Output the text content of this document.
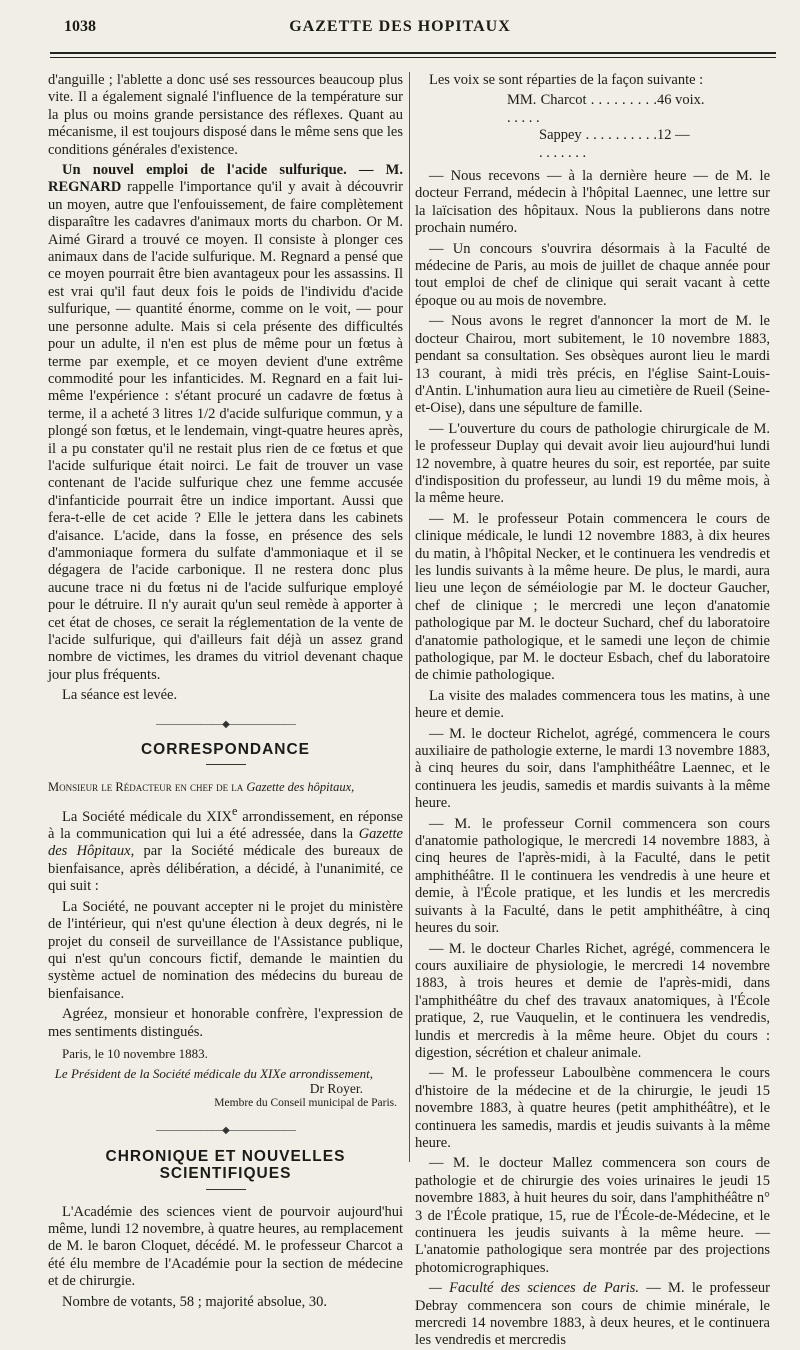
1038	GAZETTE DES HOPITAUX

d'anguille ; l'ablette a donc usé ses ressources beaucoup plus vite. Il a également signalé l'influence de la température sur la plus ou moins grande persistance des réflexes. Quant au mécanisme, il est toujours disposé dans le même sens que les conditions générales d'existence.

Un nouvel emploi de l'acide sulfurique. — M. REGNARD rappelle l'importance qu'il y avait à découvrir un moyen, autre que l'enfouissement, de faire complètement disparaître les cadavres d'animaux morts du charbon. Or M. Aimé Girard a trouvé ce moyen. Il consiste à plonger ces animaux dans de l'acide sulfurique. M. Regnard a pensé que ce moyen pourrait être bien avantageux pour les assassins. Il est vrai qu'il faut deux fois le poids de l'individu d'acide sulfurique, — quantité énorme, comme on le voit, — pour une personne adulte. Mais si cela présente des difficultés pour un adulte, il n'en est plus de même pour un fœtus à terme par exemple, et ce moyen devient d'une extrême commodité pour les infanticides. M. Regnard en a fait lui-même l'expérience : s'étant procuré un cadavre de fœtus à terme, il a acheté 3 litres 1/2 d'acide sulfurique commun, y a plongé son fœtus, et le lendemain, vingt-quatre heures après, il a pu constater qu'il ne restait plus rien de ce fœtus et que l'acide sulfurique était noirci. Le fait de trouver un vase contenant de l'acide sulfurique chez une femme accusée d'infanticide pourrait être un indice important. Aussi que fera-t-elle de cet acide ? Elle le jettera dans les cabinets d'aisance. L'acide, dans la fosse, en présence des sels d'ammoniaque formera du sulfate d'ammoniaque et il se dégagera de l'acide carbonique. Il ne restera donc plus aucune trace ni du fœtus ni de l'acide sulfurique employé pour le détruire. Il n'y aurait qu'un seul remède à apporter à cet état de choses, ce serait la réglementation de la vente de l'acide sulfurique, qui d'ailleurs fait déjà un assez grand nombre de victimes, les drames du vitriol devenant chaque jour plus fréquents.

La séance est levée.

——————◆——————
CORRESPONDANCE

Monsieur le Rédacteur en chef de la Gazette des hôpitaux,

La Société médicale du XIXe arrondissement, en réponse à la communication qui lui a été adressée, dans la Gazette des Hôpitaux, par la Société médicale des bureaux de bienfaisance, après délibération, a décidé, à l'unanimité, ce qui suit :

La Société, ne pouvant accepter ni le projet du ministère de l'intérieur, qui n'est qu'une élection à deux degrés, ni le projet du conseil de surveillance de l'Assistance publique, qui n'est qu'un concours fictif, demande le maintien du système actuel de nomination des médecins du bureau de bienfaisance.

Agréez, monsieur et honorable confrère, l'expression de mes sentiments distingués.

Paris, le 10 novembre 1883.

Le Président de la Société médicale du XIXe arrondissement,
Dr Royer.
Membre du Conseil municipal de Paris.
——————◆——————
CHRONIQUE ET NOUVELLES SCIENTIFIQUES

L'Académie des sciences vient de pourvoir aujourd'hui même, lundi 12 novembre, à quatre heures, au remplacement de M. le baron Cloquet, décédé. M. le professeur Charcot a été élu membre de l'Académie pour la section de médecine et de chirurgie.

Nombre de votants, 58 ; majorité absolue, 30.

Les voix se sont réparties de la façon suivante :

MM. Charcot . . . . . . . . . . . . . .
46 voix.
Sappey . . . . . . . . . . . . . . . . .
12 —

— Nous recevons — à la dernière heure — de M. le docteur Ferrand, médecin à l'hôpital Laennec, une lettre sur la laïcisation des hôpitaux. Nous la publierons dans notre prochain numéro.

— Un concours s'ouvrira désormais à la Faculté de médecine de Paris, au mois de juillet de chaque année pour tout emploi de chef de clinique qui serait vacant à cette époque ou au mois de novembre.

— Nous avons le regret d'annoncer la mort de M. le docteur Chairou, mort subitement, le 10 novembre 1883, pendant sa consultation. Ses obsèques auront lieu le mardi 13 courant, à midi très précis, en l'église Saint-Louis-d'Antin. L'inhumation aura lieu au cimetière de Rueil (Seine-et-Oise), dans une sépulture de famille.

— L'ouverture du cours de pathologie chirurgicale de M. le professeur Duplay qui devait avoir lieu aujourd'hui lundi 12 novembre, à quatre heures du soir, est reportée, par suite d'indisposition du professeur, au lundi 19 du même mois, à la même heure.

— M. le professeur Potain commencera le cours de clinique médicale, le lundi 12 novembre 1883, à dix heures du matin, à l'hôpital Necker, et le continuera les vendredis et les lundis suivants à la même heure. De plus, le mardi, aura lieu une leçon de séméiologie par M. le docteur Gaucher, chef de clinique ; le mercredi une leçon d'anatomie pathologique par M. le docteur Suchard, chef du laboratoire d'anatomie pathologique, et le samedi une leçon de chimie pathologique, par M. le docteur Esbach, chef du laboratoire de chimie pathologique.

La visite des malades commencera tous les matins, à une heure et demie.

— M. le docteur Richelot, agrégé, commencera le cours auxiliaire de pathologie externe, le mardi 13 novembre 1883, à cinq heures du soir, dans l'amphithéâtre Laennec, et le continuera les jeudis, samedis et mardis suivants à la même heure.

— M. le professeur Cornil commencera son cours d'anatomie pathologique, le mercredi 14 novembre 1883, à cinq heures de l'après-midi, à la Faculté, dans le petit amphithéâtre. Il le continuera les vendredis à une heure et demie, à l'École pratique, et les lundis et les mercredis suivants à la Faculté, dans le petit amphithéâtre, à cinq heures du soir.

— M. le docteur Charles Richet, agrégé, commencera le cours auxiliaire de physiologie, le mercredi 14 novembre 1883, à trois heures et demie de l'après-midi, dans l'amphithéâtre du chef des travaux anatomiques, à l'École pratique, 2, rue Vauquelin, et le continuera les vendredis, lundis et mercredis à la même heure. Objet du cours : digestion, sécrétion et chaleur animale.

— M. le professeur Laboulbène commencera le cours d'histoire de la médecine et de la chirurgie, le jeudi 15 novembre 1883, à quatre heures (petit amphithéâtre), et le continuera les samedis, mardis et jeudis suivants à la même heure.

— M. le docteur Mallez commencera son cours de pathologie et de chirurgie des voies urinaires le jeudi 15 novembre 1883, à huit heures du soir, dans l'amphithéâtre n° 3 de l'École pratique, 15, rue de l'École-de-Médecine, et le continuera les jeudis suivants à la même heure. — L'anatomie pathologique sera montrée par des projections photomicrographiques.

— Faculté des sciences de Paris. — M. le professeur Debray commencera son cours de chimie minérale, le mercredi 14 novembre 1883, à deux heures, et le continuera les vendredis et mercredis
